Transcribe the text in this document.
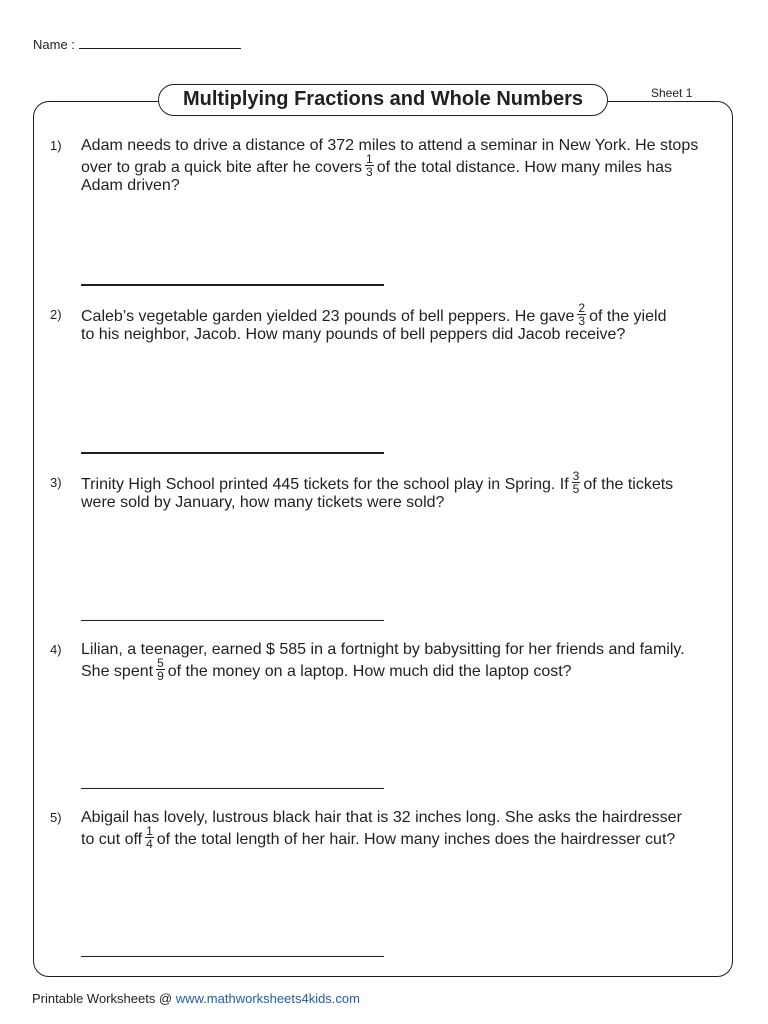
Name :
Multiplying Fractions and Whole Numbers	Sheet 1
1) Adam needs to drive a distance of 372 miles to attend a seminar in New York. He stops
over to grab a quick bite after he covers $\frac{1}{3}$ of the total distance. How many miles has
Adam driven?
2) Caleb’s vegetable garden yielded 23 pounds of bell peppers. He gave $\frac{2}{3}$ of the yield
to his neighbor, Jacob. How many pounds of bell peppers did Jacob receive?
3) Trinity High School printed 445 tickets for the school play in Spring. If $\frac{3}{5}$ of the tickets
were sold by January, how many tickets were sold?
4) Lilian, a teenager, earned $ 585 in a fortnight by babysitting for her friends and family.
She spent $\frac{5}{9}$ of the money on a laptop. How much did the laptop cost?
5) Abigail has lovely, lustrous black hair that is 32 inches long. She asks the hairdresser
to cut off $\frac{1}{4}$ of the total length of her hair. How many inches does the hairdresser cut?
Printable Worksheets @ www.mathworksheets4kids.com
